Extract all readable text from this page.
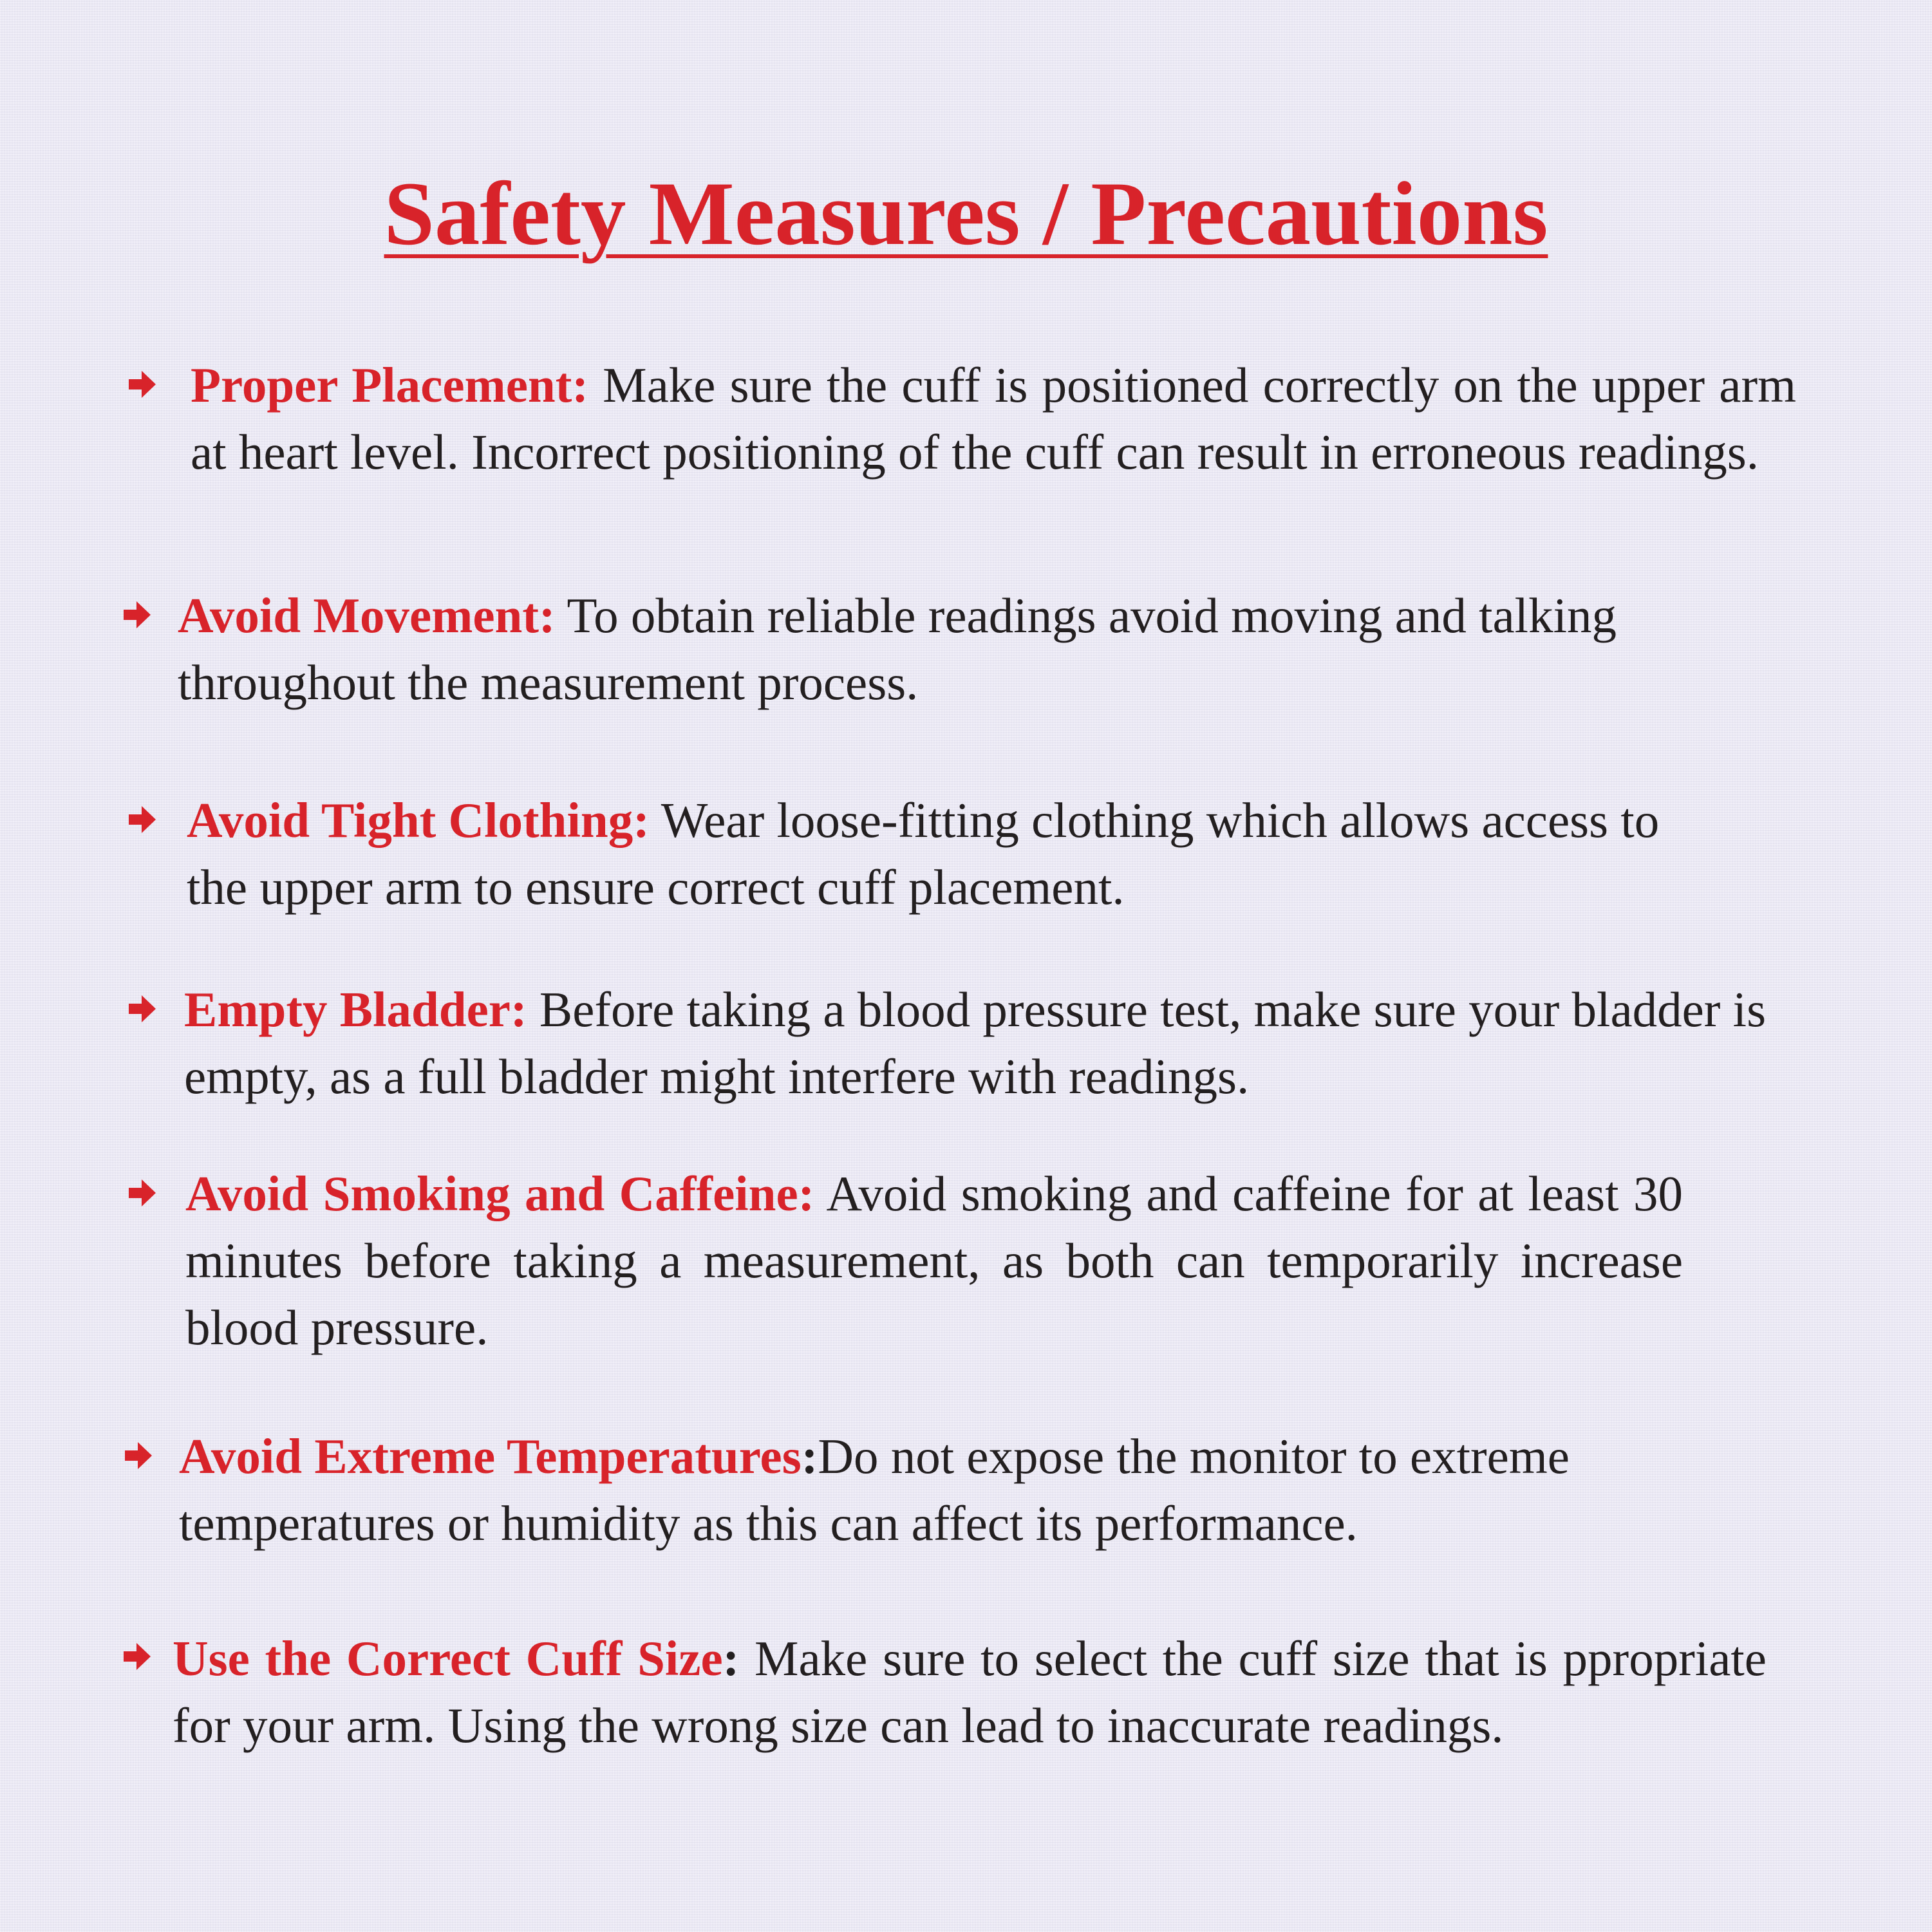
Safety Measures / Precautions
Proper Placement: Make sure the cuff is positioned correctly on the upper arm at heart level. Incorrect positioning of the cuff can result in erroneous readings.
Avoid Movement: To obtain reliable readings avoid moving and talking throughout the measurement process.
Avoid Tight Clothing: Wear loose-fitting clothing which allows access to the upper arm to ensure correct cuff placement.
Empty Bladder: Before taking a blood pressure test, make sure your bladder is empty, as a full bladder might interfere with readings.
Avoid Smoking and Caffeine: Avoid smoking and caffeine for at least 30 minutes before taking a measurement, as both can temporarily increase blood pressure.
Avoid Extreme Temperatures:Do not expose the monitor to extreme temperatures or humidity as this can affect its performance.
Use the Correct Cuff Size: Make sure to select the cuff size that is ppropriate for your arm. Using the wrong size can lead to inaccurate readings.
